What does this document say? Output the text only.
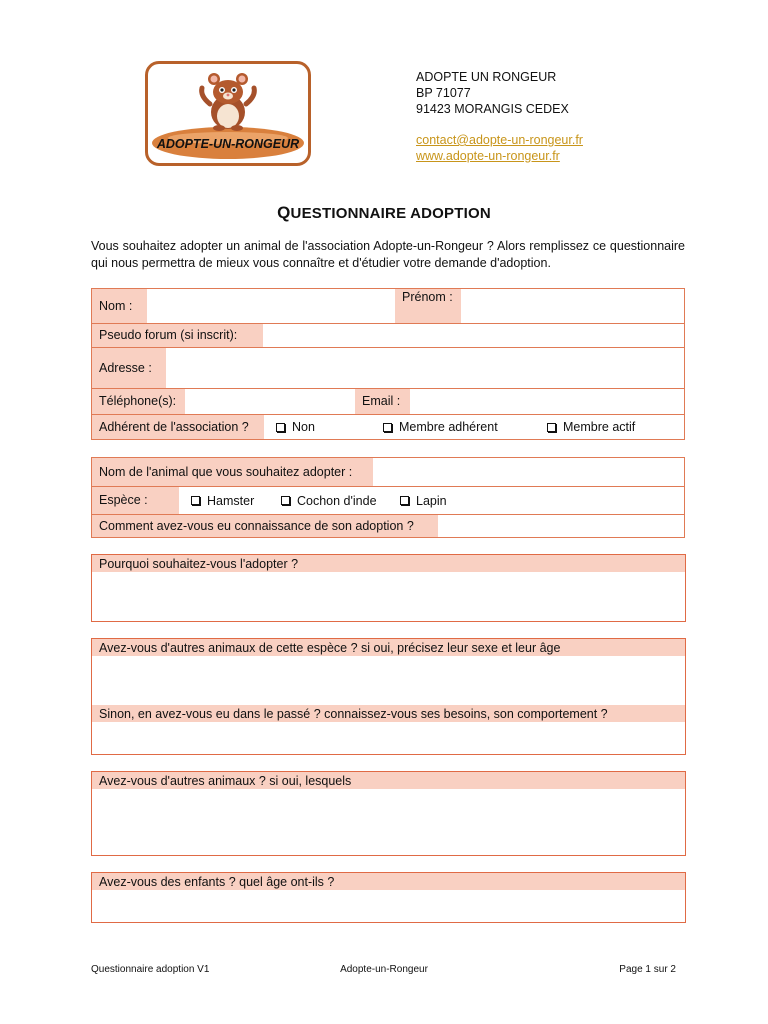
ADOPTE-UN-RONGEUR
ADOPTE UN RONGEUR
BP 71077
91423 MORANGIS CEDEX
contact@adopte-un-rongeur.fr
www.adopte-un-rongeur.fr
QUESTIONNAIRE ADOPTION
Vous souhaitez adopter un animal de l'association Adopte-un-Rongeur ? Alors remplissez ce questionnaire qui nous permettra de mieux vous connaître et d'étudier votre demande d'adoption.
Nom :
Prénom :
Pseudo forum (si inscrit):
Adresse :
Téléphone(s):	Email :
Adhérent de l'association ?	Non	Membre adhérent	Membre actif
Nom de l'animal que vous souhaitez adopter :
Espèce :	Hamster	Cochon d'inde	Lapin
Comment avez-vous eu connaissance de son adoption ?
Pourquoi souhaitez-vous l'adopter ?
Avez-vous d'autres animaux de cette espèce ? si oui, précisez leur sexe et leur âge
Sinon, en avez-vous eu dans le passé ? connaissez-vous ses besoins, son comportement ?
Avez-vous d'autres animaux ? si oui, lesquels
Avez-vous des enfants ? quel âge ont-ils ?
Questionnaire adoption V1	Adopte-un-Rongeur	Page 1 sur 2
